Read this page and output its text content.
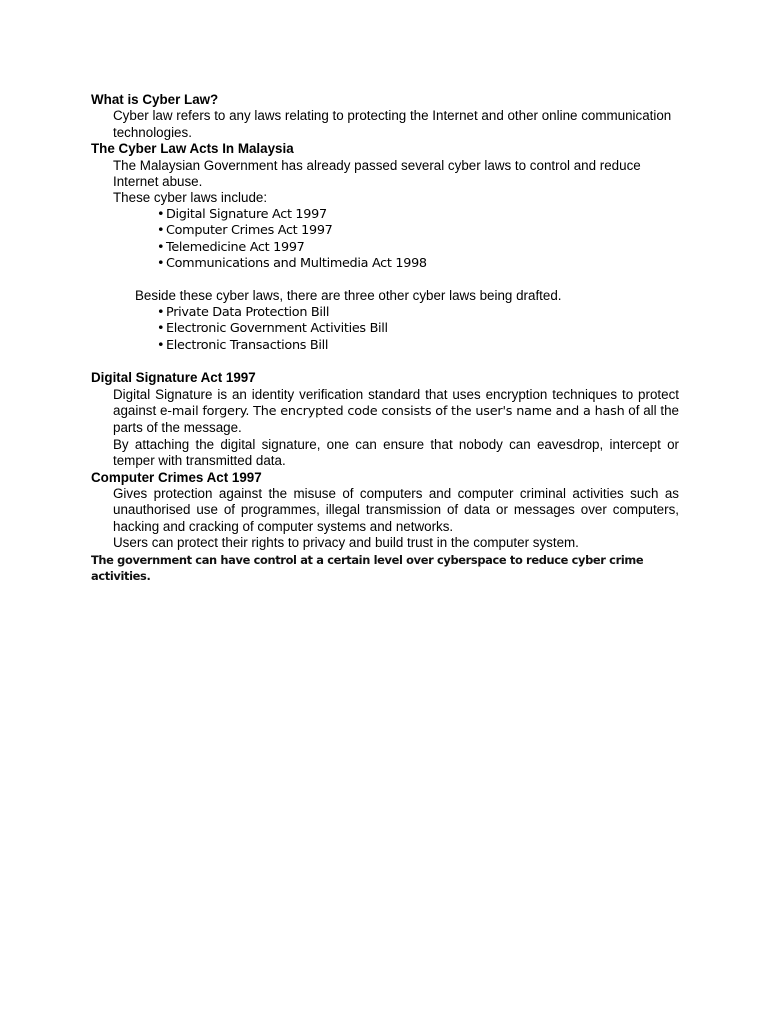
What is Cyber Law?

Cyber law refers to any laws relating to protecting the Internet and other online communication technologies.

The Cyber Law Acts In Malaysia

The Malaysian Government has already passed several cyber laws to control and reduce Internet abuse.

These cyber laws include:

• Digital Signature Act 1997
• Computer Crimes Act 1997
• Telemedicine Act 1997
• Communications and Multimedia Act 1998

Beside these cyber laws, there are three other cyber laws being drafted.

• Private Data Protection Bill
• Electronic Government Activities Bill
• Electronic Transactions Bill

Digital Signature Act 1997

Digital Signature is an identity verification standard that uses encryption techniques to protect against e-mail forgery. The encrypted code consists of the user's name and a hash of all the parts of the message.

By attaching the digital signature, one can ensure that nobody can eavesdrop, intercept or temper with transmitted data.

Computer Crimes Act 1997

Gives protection against the misuse of computers and computer criminal activities such as unauthorised use of programmes, illegal transmission of data or messages over computers, hacking and cracking of computer systems and networks.

Users can protect their rights to privacy and build trust in the computer system.

The government can have control at a certain level over cyberspace to reduce cyber crime activities.
